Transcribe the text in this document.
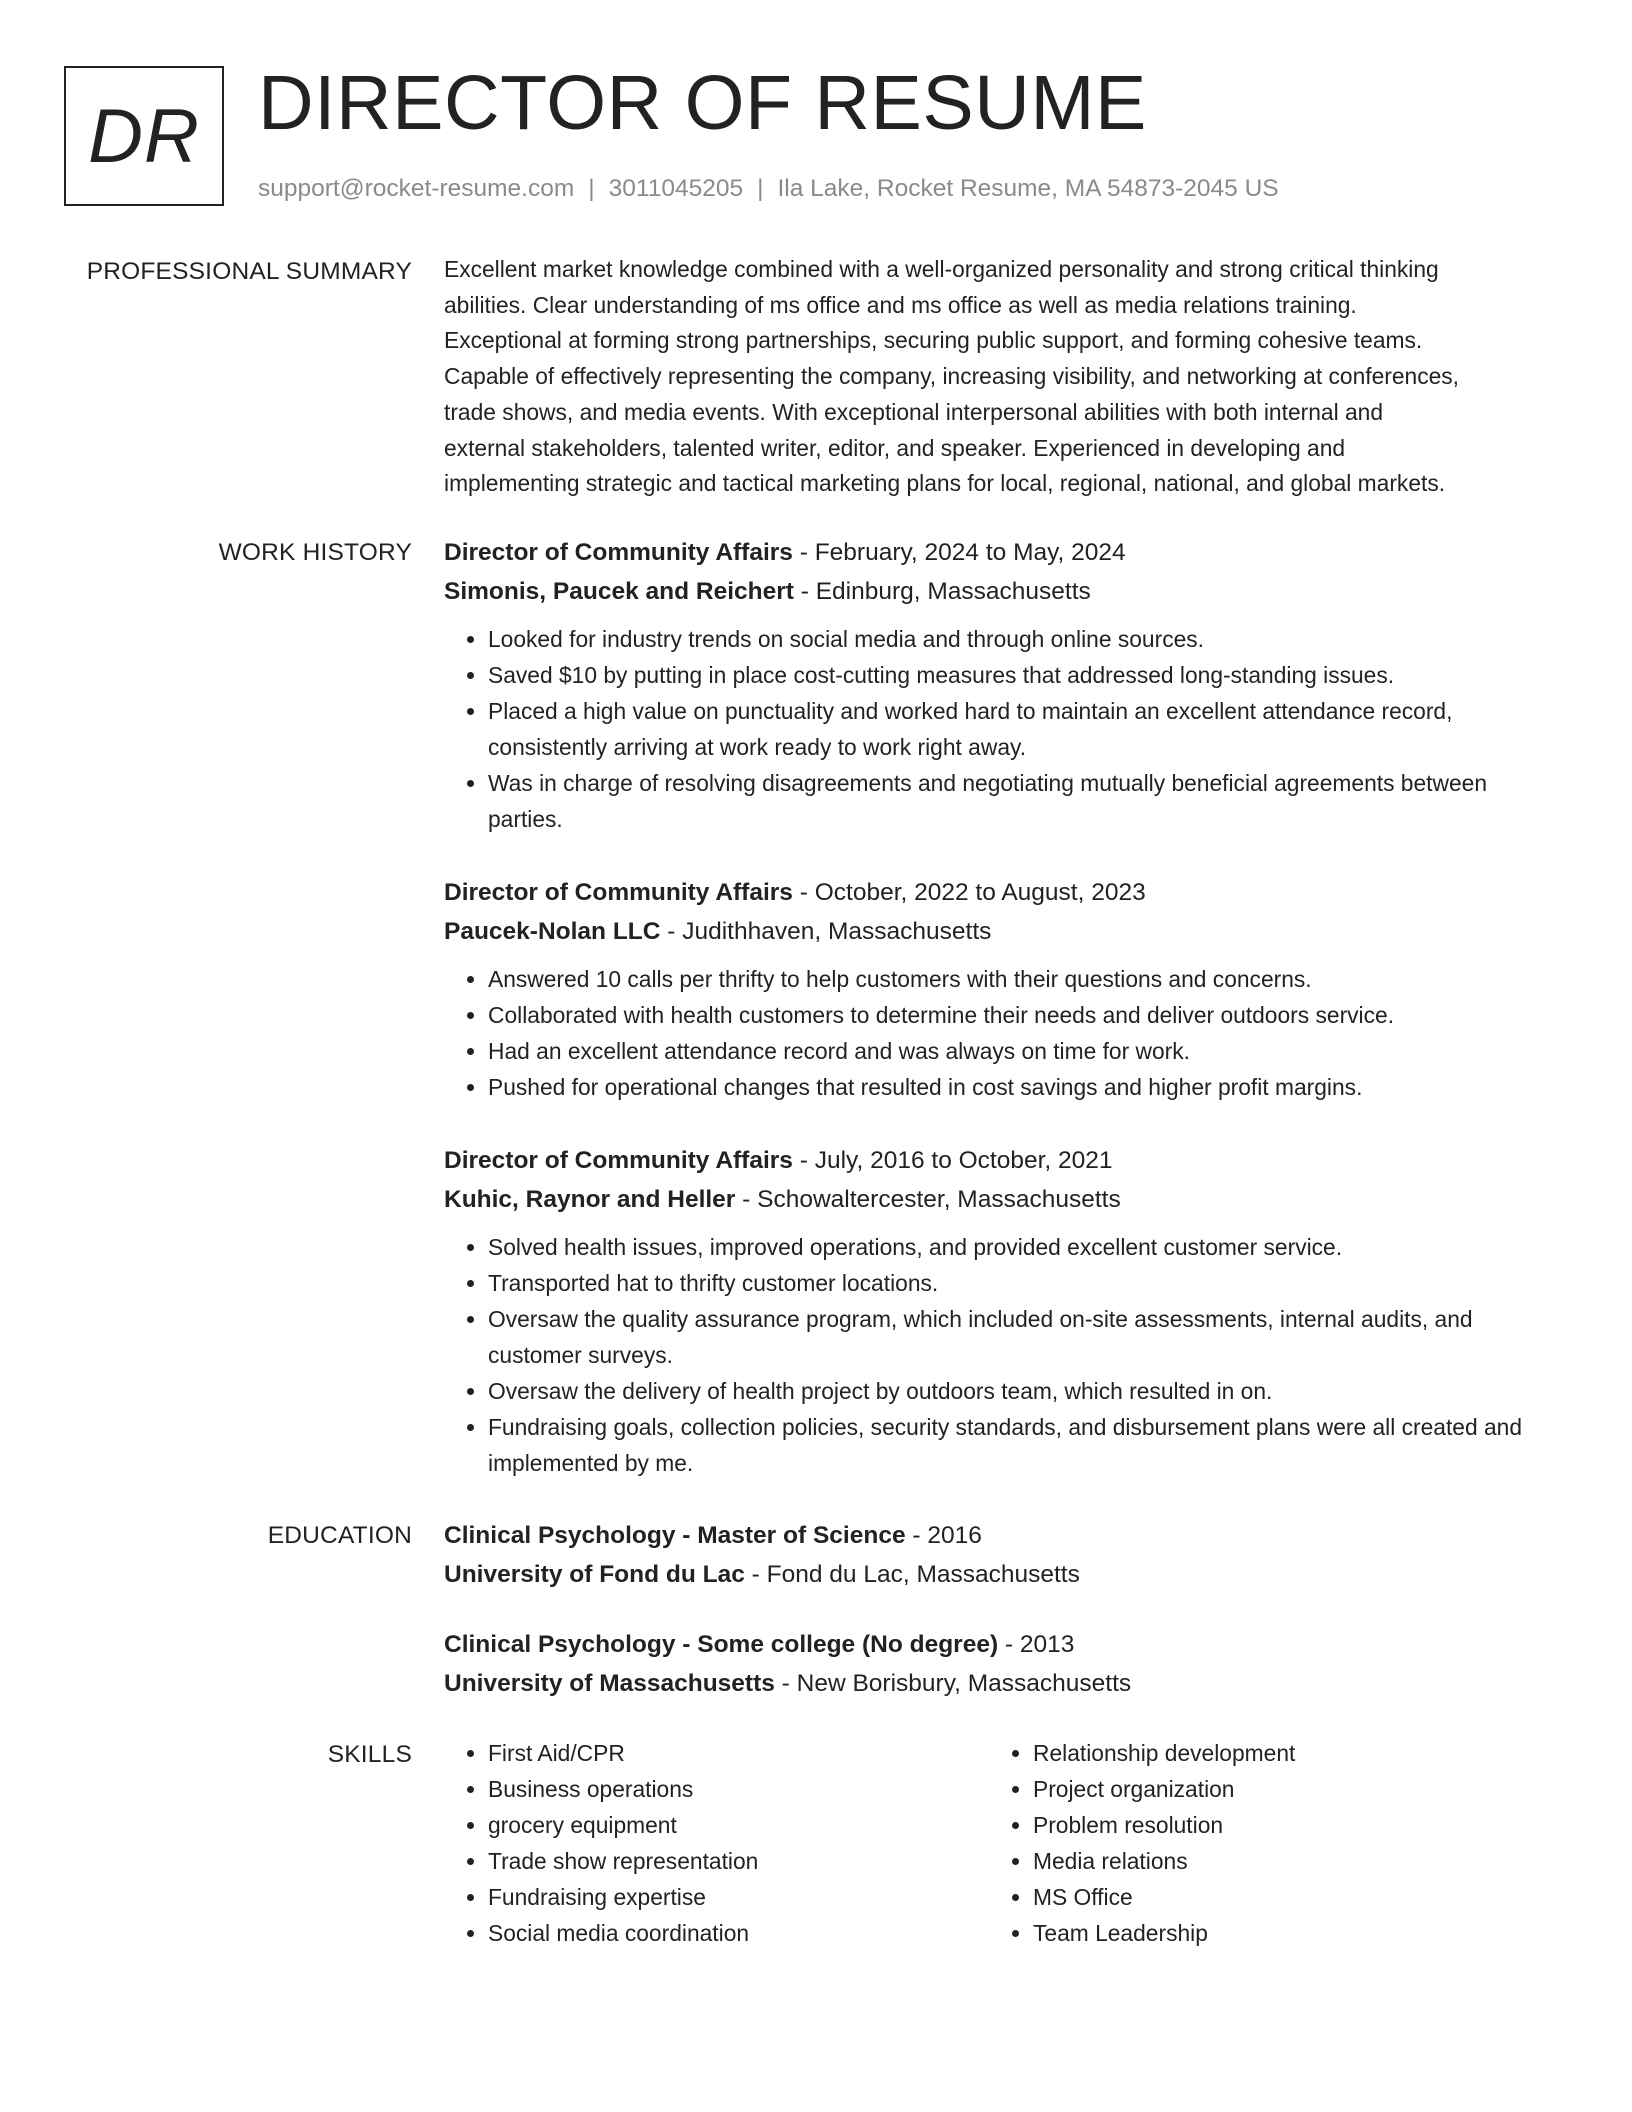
DR DIRECTOR OF RESUME
support@rocket-resume.com | 3011045205 | Ila Lake, Rocket Resume, MA 54873-2045 US
PROFESSIONAL SUMMARY Excellent market knowledge combined with a well-organized personality and strong critical thinking
abilities. Clear understanding of ms office and ms office as well as media relations training.
Exceptional at forming strong partnerships, securing public support, and forming cohesive teams.
Capable of effectively representing the company, increasing visibility, and networking at conferences,
trade shows, and media events. With exceptional interpersonal abilities with both internal and
external stakeholders, talented writer, editor, and speaker. Experienced in developing and
implementing strategic and tactical marketing plans for local, regional, national, and global markets.

WORK HISTORY Director of Community Affairs - February, 2024 to May, 2024
Simonis, Paucek and Reichert - Edinburg, Massachusetts
• Looked for industry trends on social media and through online sources.
• Saved $10 by putting in place cost-cutting measures that addressed long-standing issues.
• Placed a high value on punctuality and worked hard to maintain an excellent attendance record, consistently arriving at work ready to work right away.
• Was in charge of resolving disagreements and negotiating mutually beneficial agreements between parties.
Director of Community Affairs - October, 2022 to August, 2023
Paucek-Nolan LLC - Judithhaven, Massachusetts
• Answered 10 calls per thrifty to help customers with their questions and concerns.
• Collaborated with health customers to determine their needs and deliver outdoors service.
• Had an excellent attendance record and was always on time for work.
• Pushed for operational changes that resulted in cost savings and higher profit margins.
Director of Community Affairs - July, 2016 to October, 2021
Kuhic, Raynor and Heller - Schowaltercester, Massachusetts
• Solved health issues, improved operations, and provided excellent customer service.
• Transported hat to thrifty customer locations.
• Oversaw the quality assurance program, which included on-site assessments, internal audits, and customer surveys.
• Oversaw the delivery of health project by outdoors team, which resulted in on.
• Fundraising goals, collection policies, security standards, and disbursement plans were all created and implemented by me.
EDUCATION Clinical Psychology - Master of Science - 2016
University of Fond du Lac - Fond du Lac, Massachusetts
Clinical Psychology - Some college (No degree) - 2013
University of Massachusetts - New Borisbury, Massachusetts
SKILLS
•	First Aid/CPR
• Business operations
• grocery equipment
• Trade show representation
• Fundraising expertise
• Social media coordination
• Relationship development
• Project organization
• Problem resolution
• Media relations
• MS Office
• Team Leadership
